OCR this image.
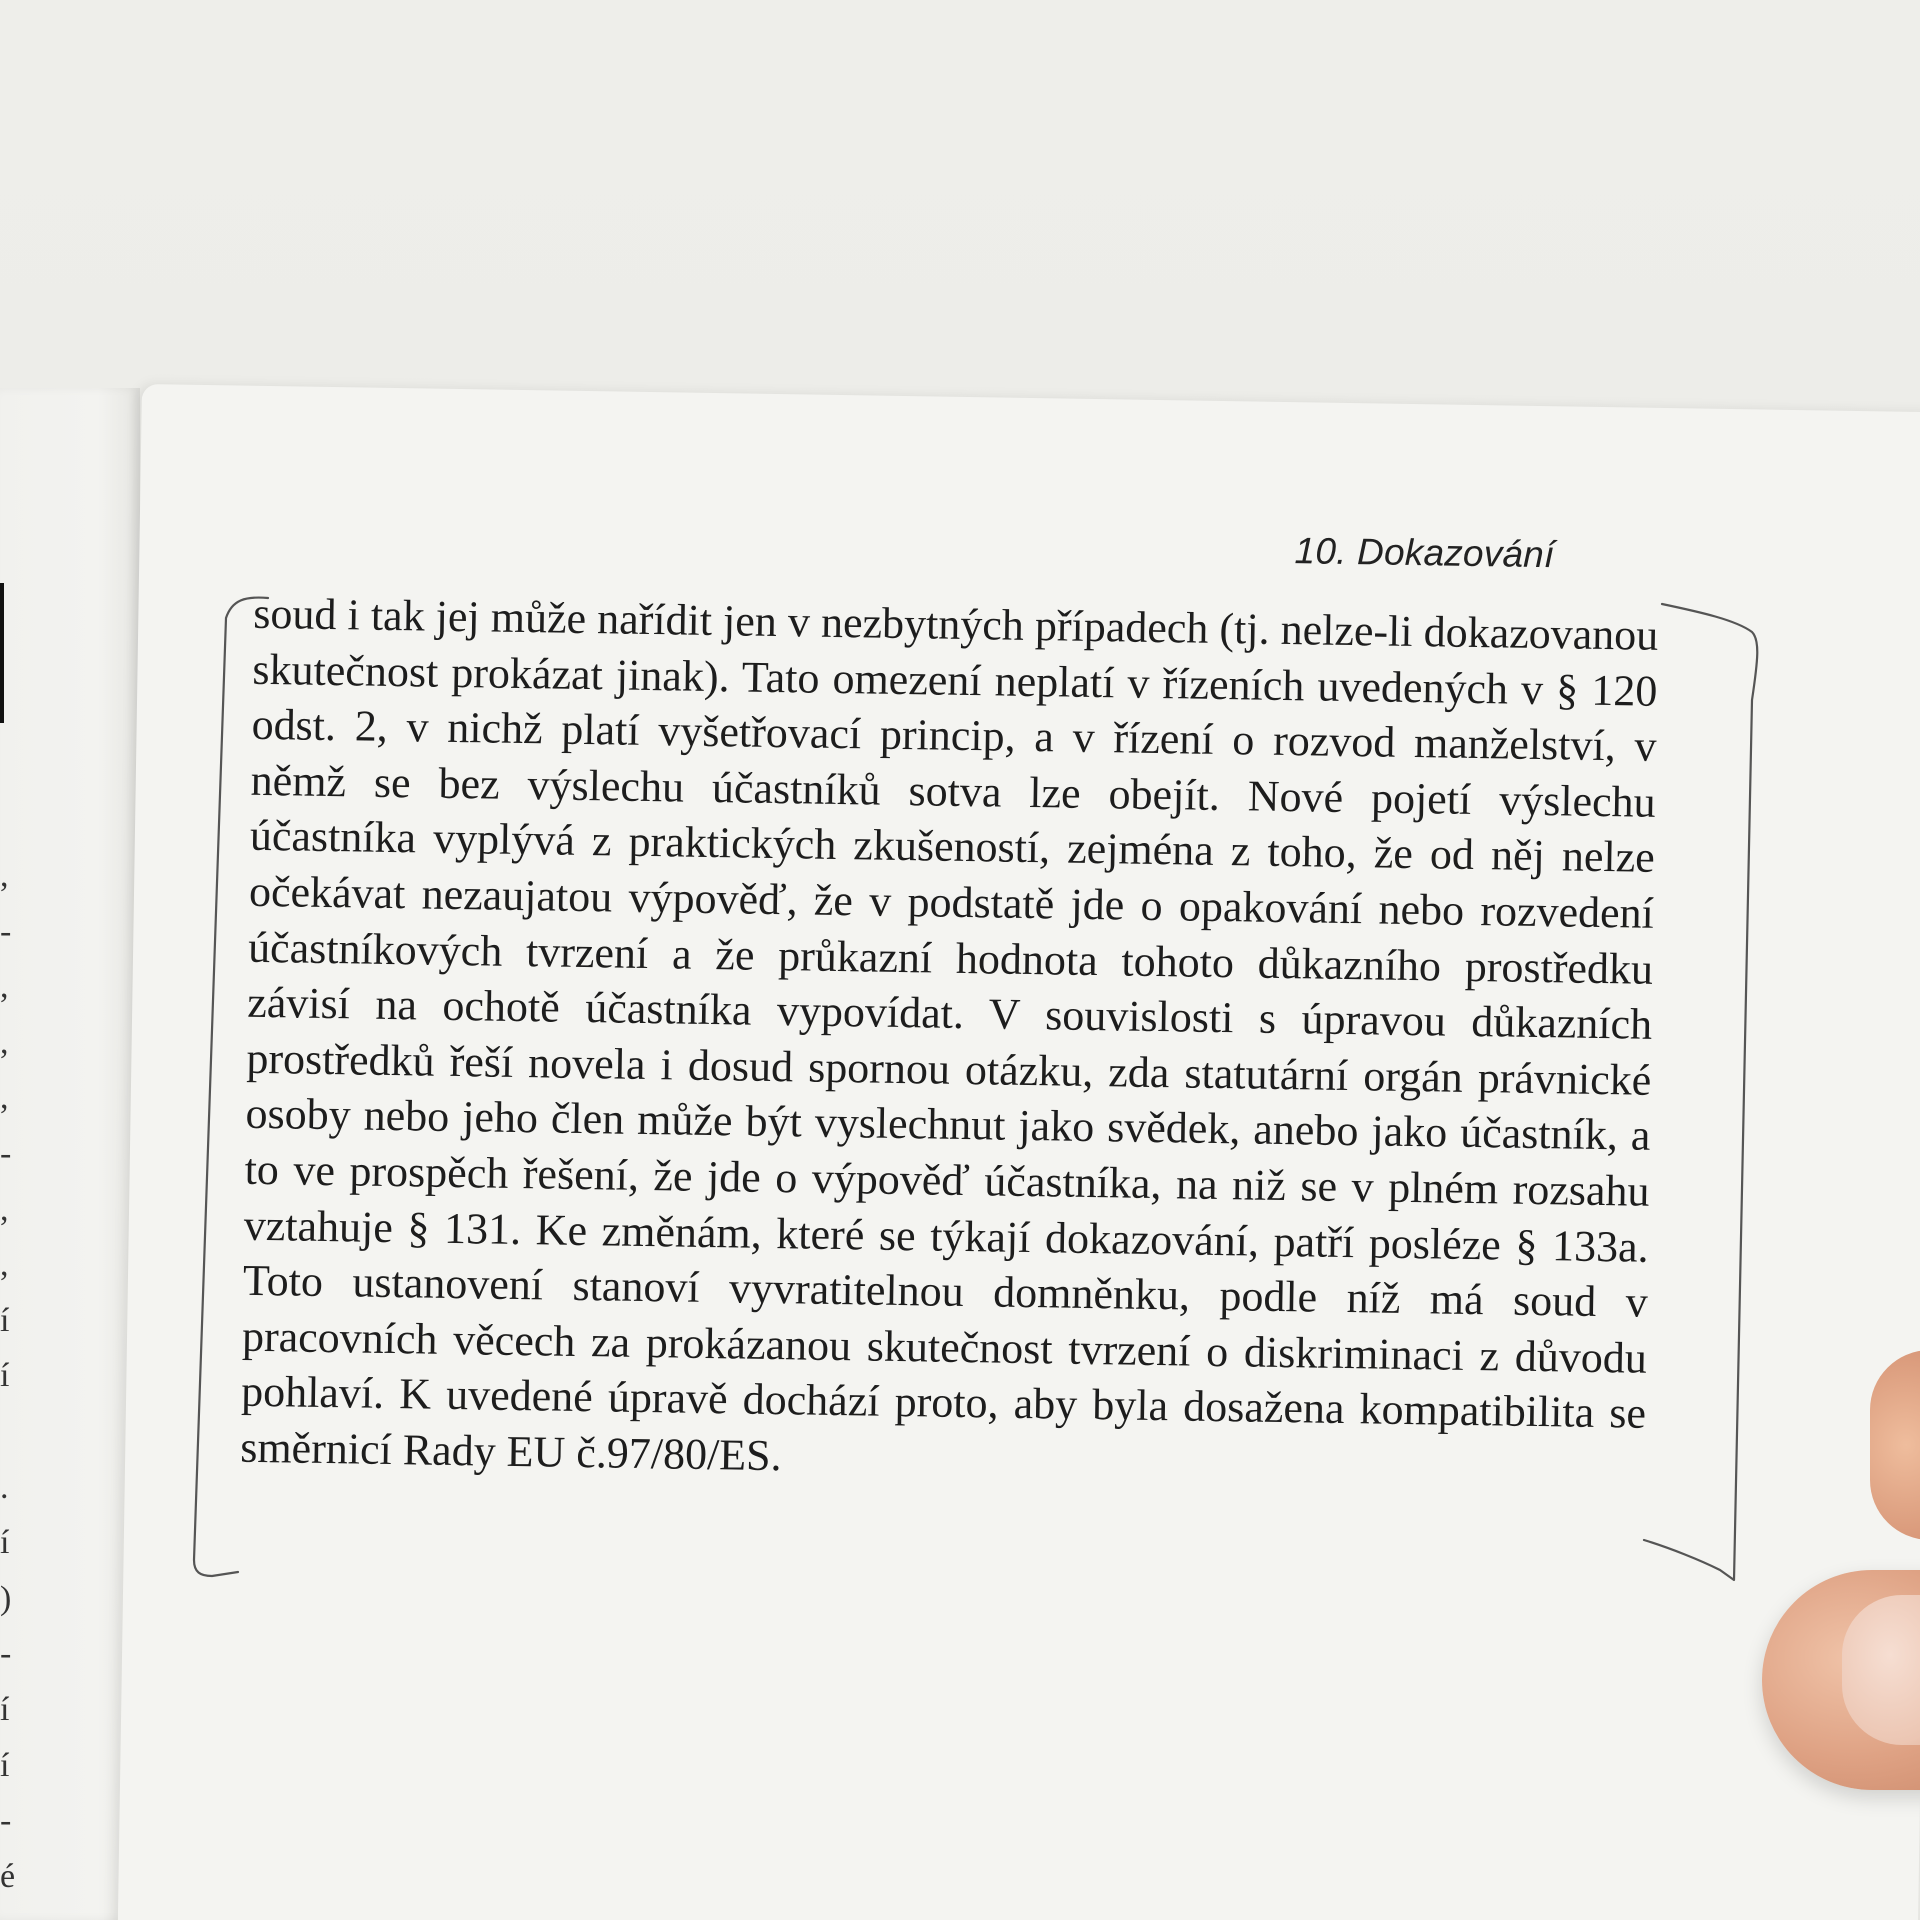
,
-
,
,
,
-
,
,
í
í

.
í
)
-
í
í
-
é
10. Dokazování
soud i tak jej může nařídit jen v nezbytných případech (tj. nelze-li dokazovanou skutečnost prokázat jinak). Tato omezení neplatí v řízeních uvedených v § 120 odst. 2, v nichž platí vyšetřovací princip, a v řízení o rozvod manželství, v němž se bez výslechu účastníků sotva lze obejít. Nové pojetí výslechu účastníka vyplývá z praktických zkušeností, zejména z toho, že od něj nelze očekávat nezaujatou výpověď, že v podstatě jde o opakování nebo rozvedení účastníkových tvrzení a že průkazní hodnota tohoto důkazního prostředku závisí na ochotě účastníka vypovídat. V souvislosti s úpravou důkazních prostředků řeší novela i dosud spornou otázku, zda statutární orgán právnické osoby nebo jeho člen může být vyslechnut jako svědek, anebo jako účastník, a to ve prospěch řešení, že jde o výpověď účastníka, na niž se v plném rozsahu vztahuje § 131. Ke změnám, které se týkají dokazování, patří posléze § 133a. Toto ustanovení stanoví vyvratitelnou domněnku, podle níž má soud v pracovních věcech za prokázanou skutečnost tvrzení o diskriminaci z důvodu pohlaví. K uvedené úpravě dochází proto, aby byla dosažena kompatibilita se směrnicí Rady EU č.97/80/ES.
